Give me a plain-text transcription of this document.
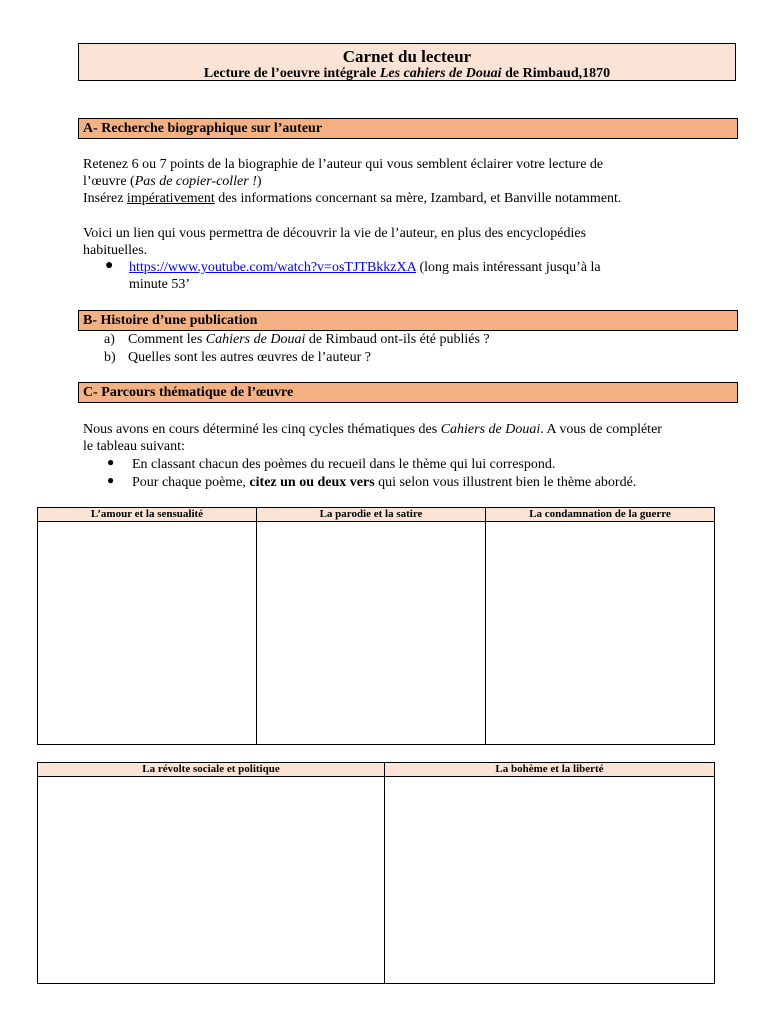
Carnet du lecteur
Lecture de l’oeuvre intégrale Les cahiers de Douai de Rimbaud,1870
A- Recherche biographique sur l’auteur
Retenez 6 ou 7 points de la biographie de l’auteur qui vous semblent éclairer votre lecture de
l’œuvre (Pas de copier-coller !)
Insérez impérativement des informations concernant sa mère, Izambard, et Banville notamment.
Voici un lien qui vous permettra de découvrir la vie de l’auteur, en plus des encyclopédies
habituelles.
● https://www.youtube.com/watch?v=osTJTBkkzXA (long mais intéressant jusqu’à la
minute 53’
B- Histoire d’une publication
a) Comment les Cahiers de Douai de Rimbaud ont-ils été publiés ?
b) Quelles sont les autres œuvres de l’auteur ?
C- Parcours thématique de l’œuvre
Nous avons en cours déterminé les cinq cycles thématiques des Cahiers de Douai. A vous de compléter
le tableau suivant:
● En classant chacun des poèmes du recueil dans le thème qui lui correspond.
● Pour chaque poème, citez un ou deux vers qui selon vous illustrent bien le thème abordé.
L’amour et la sensualité	La parodie et la satire	La condamnation de la guerre

La révolte sociale et politique	La bohème et la liberté
